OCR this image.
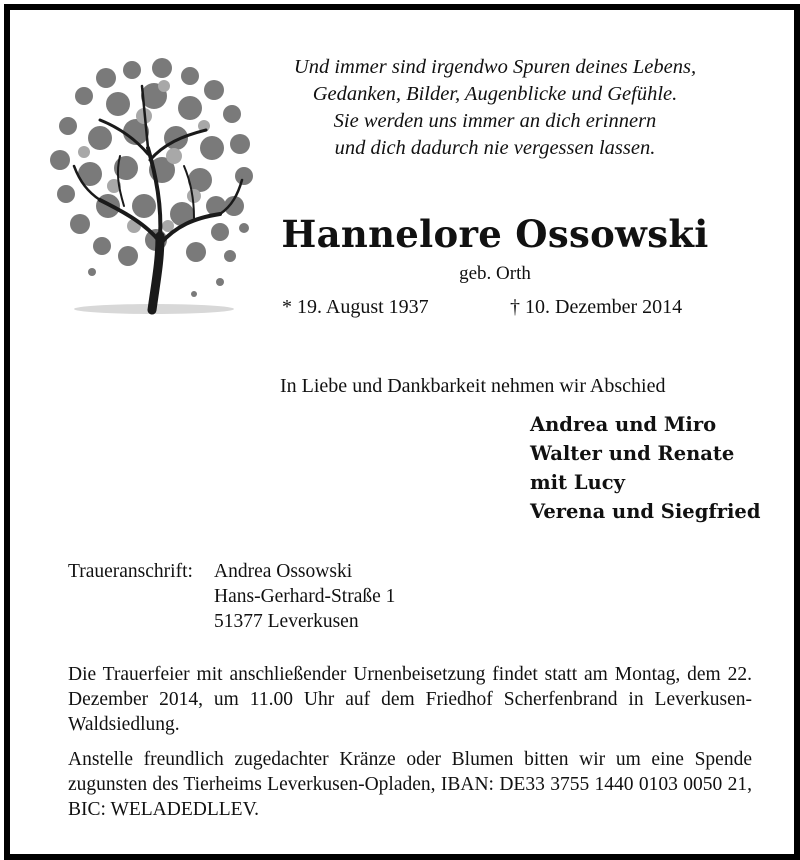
Und immer sind irgendwo Spuren deines Lebens,
Gedanken, Bilder, Augenblicke und Gefühle.
Sie werden uns immer an dich erinnern
und dich dadurch nie vergessen lassen.
Hannelore Ossowski
geb. Orth
* 19. August 1937	† 10. Dezember 2014
In Liebe und Dankbarkeit nehmen wir Abschied
Andrea und Miro
Walter und Renate
mit Lucy
Verena und Siegfried
Traueranschrift: Andrea Ossowski
Hans-Gerhard-Straße 1
51377 Leverkusen
Die Trauerfeier mit anschließender Urnenbeisetzung findet statt am Montag, dem 22. Dezember 2014, um 11.00 Uhr auf dem Friedhof Scherfenbrand in Leverkusen-Waldsiedlung.
Anstelle freundlich zugedachter Kränze oder Blumen bitten wir um eine Spende zugunsten des Tierheims Leverkusen-Opladen, IBAN: DE33 3755 1440 0103 0050 21, BIC: WELADEDLLEV.
